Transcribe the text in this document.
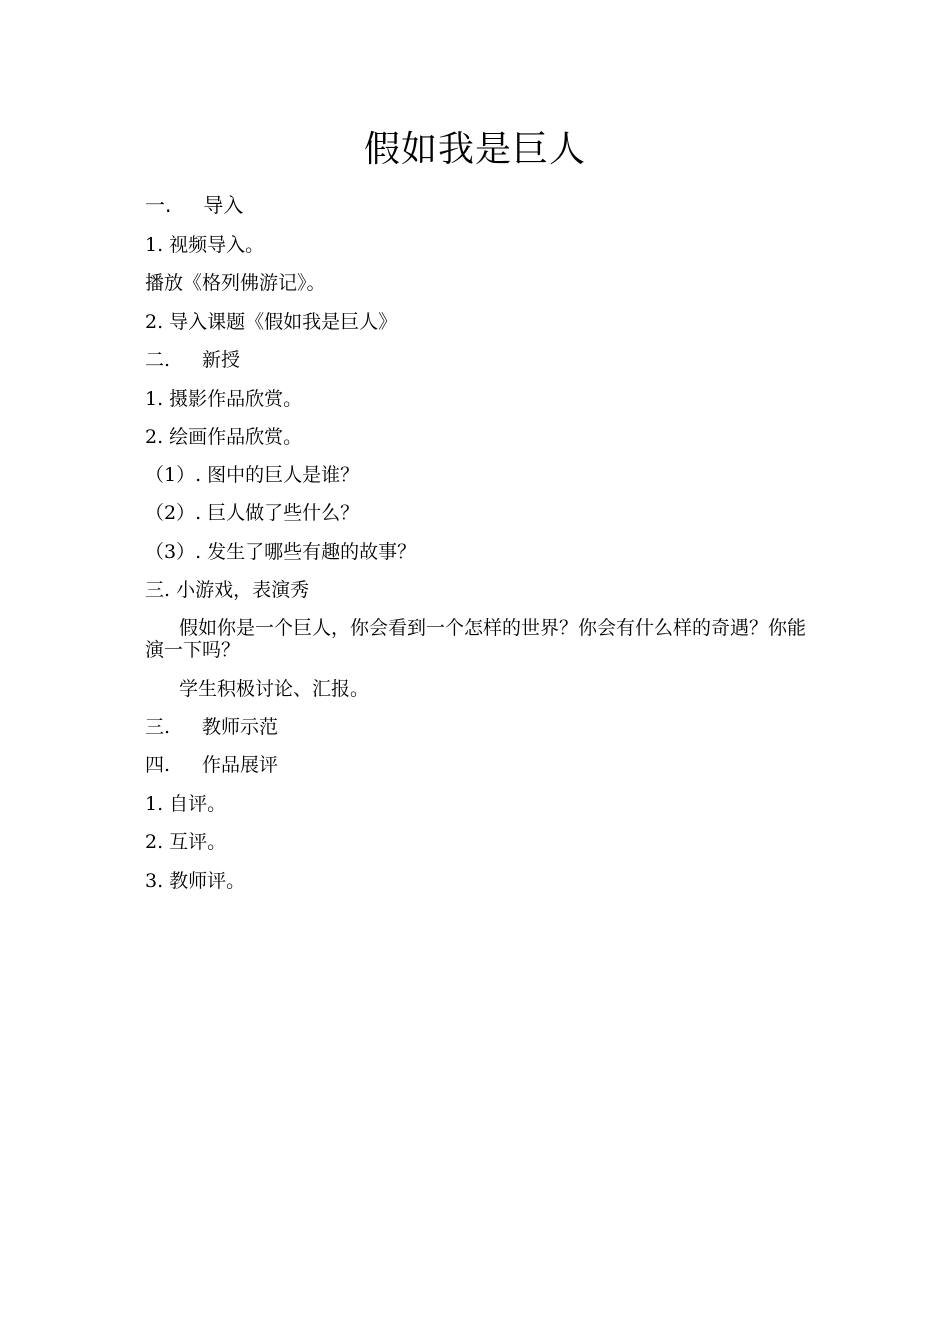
假如我是巨人
一. 导入
1. 视频导入。
播放《格列佛游记》。
2. 导入课题《假如我是巨人》
二. 新授
1. 摄影作品欣赏。
2. 绘画作品欣赏。
（1）. 图中的巨人是谁？
（2）. 巨人做了些什么？
（3）. 发生了哪些有趣的故事？
三. 小游戏，表演秀
假如你是一个巨人，你会看到一个怎样的世界？你会有什么样的奇遇？你能演一下吗？
学生积极讨论、汇报。
三. 教师示范
四. 作品展评
1. 自评。
2. 互评。
3. 教师评。
